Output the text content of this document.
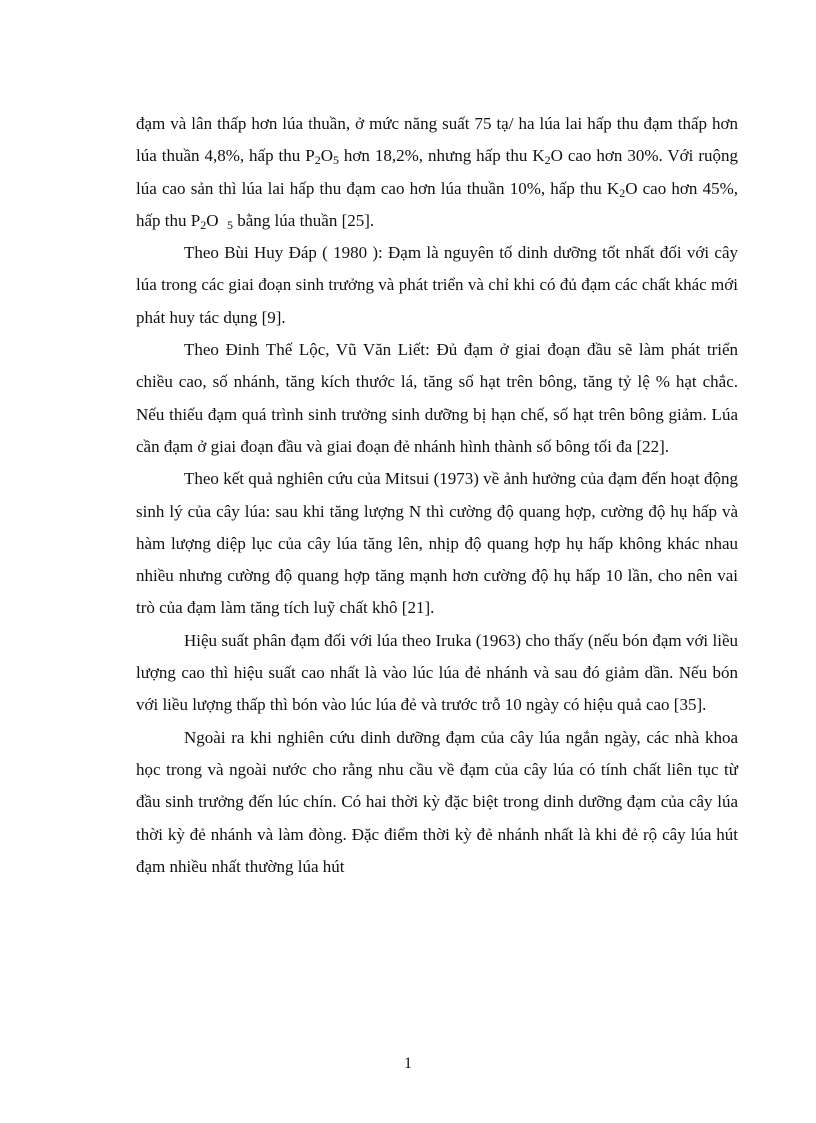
đạm và lân thấp hơn lúa thuần, ở mức năng suất 75 tạ/ ha lúa lai hấp thu đạm thấp hơn lúa thuần 4,8%, hấp thu $P_2O_5$ hơn 18,2%, nhưng hấp thu $K_2O$ cao hơn 30%. Với ruộng lúa cao sản thì lúa lai hấp thu đạm cao hơn lúa thuần 10%, hấp thu $K_2O$ cao hơn 45%, hấp thu $P_2O$  $_5$ bằng lúa thuần [25].

Theo Bùi Huy Đáp ( 1980 ): Đạm là nguyên tố dinh dưỡng tốt nhất đối với cây lúa trong các giai đoạn sinh trưởng và phát triển và chỉ khi có đủ đạm các chất khác mới phát huy tác dụng [9].

Theo Đinh Thế Lộc, Vũ Văn Liết: Đủ đạm ở giai đoạn đầu sẽ làm phát triển chiều cao, số nhánh, tăng kích thước lá, tăng số hạt trên bông, tăng tỷ lệ % hạt chắc. Nếu thiếu đạm quá trình sinh trưởng sinh dưỡng bị hạn chế, số hạt trên bông giảm. Lúa cần đạm ở giai đoạn đầu và giai đoạn đẻ nhánh hình thành số bông tối đa [22].

Theo kết quả nghiên cứu của Mitsui (1973) về ảnh hưởng của đạm đến hoạt động sinh lý của cây lúa: sau khi tăng lượng N thì cường độ quang hợp, cường độ hụ hấp và hàm lượng diệp lục của cây lúa tăng lên, nhịp độ quang hợp hụ hấp không khác nhau nhiều nhưng cường độ quang hợp tăng mạnh hơn cường độ hụ hấp 10 lần, cho nên vai trò của đạm làm tăng tích luỹ chất khô [21].

Hiệu suất phân đạm đối với lúa theo Iruka (1963) cho thấy (nếu bón đạm với liều lượng cao thì hiệu suất cao nhất là vào lúc lúa đẻ nhánh và sau đó giảm dần. Nếu bón với liều lượng thấp thì bón vào lúc lúa đẻ và trước trỗ 10 ngày có hiệu quả cao [35].

Ngoài ra khi nghiên cứu dinh dưỡng đạm của cây lúa ngắn ngày, các nhà khoa học trong và ngoài nước cho rằng nhu cầu về đạm của cây lúa có tính chất liên tục từ đầu sinh trưởng đến lúc chín. Có hai thời kỳ đặc biệt trong dinh dưỡng đạm của cây lúa thời kỳ đẻ nhánh và làm đòng. Đặc điểm thời kỳ đẻ nhánh nhất là khi đẻ rộ cây lúa hút đạm nhiều nhất thường lúa hút

1
